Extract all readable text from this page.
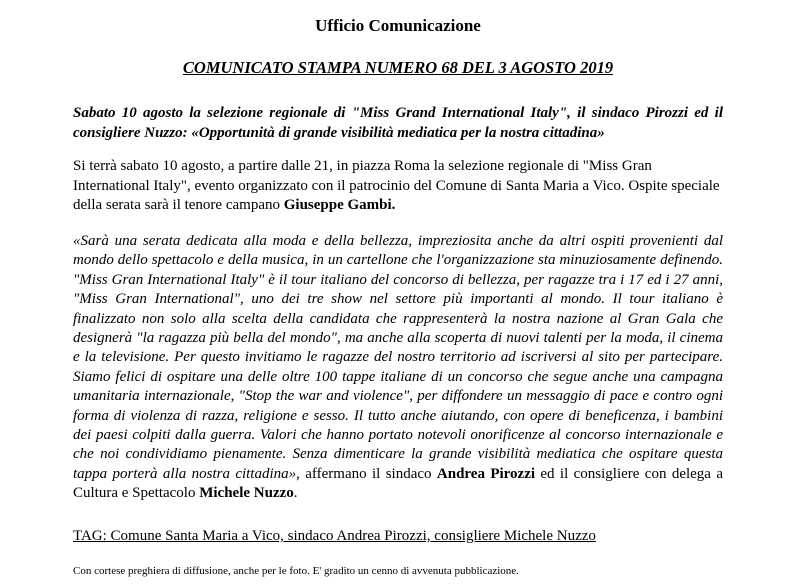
Ufficio Comunicazione
COMUNICATO STAMPA NUMERO 68 DEL 3 AGOSTO 2019
Sabato 10 agosto la selezione regionale di "Miss Grand International Italy", il sindaco Pirozzi ed il consigliere Nuzzo: «Opportunità di grande visibilità mediatica per la nostra cittadina»
Si terrà sabato 10 agosto, a partire dalle 21, in piazza Roma la selezione regionale di "Miss Gran International Italy", evento organizzato con il patrocinio del Comune di Santa Maria a Vico. Ospite speciale della serata sarà il tenore campano Giuseppe Gambi.
«Sarà una serata dedicata alla moda e della bellezza, impreziosita anche da altri ospiti provenienti dal mondo dello spettacolo e della musica, in un cartellone che l'organizzazione sta minuziosamente definendo. "Miss Gran International Italy" è il tour italiano del concorso di bellezza, per ragazze tra i 17 ed i 27 anni, "Miss Gran International", uno dei tre show nel settore più importanti al mondo. Il tour italiano è finalizzato non solo alla scelta della candidata che rappresenterà la nostra nazione al Gran Gala che designerà "la ragazza più bella del mondo", ma anche alla scoperta di nuovi talenti per la moda, il cinema e la televisione. Per questo invitiamo le ragazze del nostro territorio ad iscriversi al sito per partecipare. Siamo felici di ospitare una delle oltre 100 tappe italiane di un concorso che segue anche una campagna umanitaria internazionale, "Stop the war and violence", per diffondere un messaggio di pace e contro ogni forma di violenza di razza, religione e sesso. Il tutto anche aiutando, con opere di beneficenza, i bambini dei paesi colpiti dalla guerra. Valori che hanno portato notevoli onorificenze al concorso internazionale e che noi condividiamo pienamente. Senza dimenticare la grande visibilità mediatica che ospitare questa tappa porterà alla nostra cittadina», affermano il sindaco Andrea Pirozzi ed il consigliere con delega a Cultura e Spettacolo Michele Nuzzo.
TAG: Comune Santa Maria a Vico, sindaco Andrea Pirozzi, consigliere Michele Nuzzo
Con cortese preghiera di diffusione, anche per le foto. E' gradito un cenno di avvenuta pubblicazione.
